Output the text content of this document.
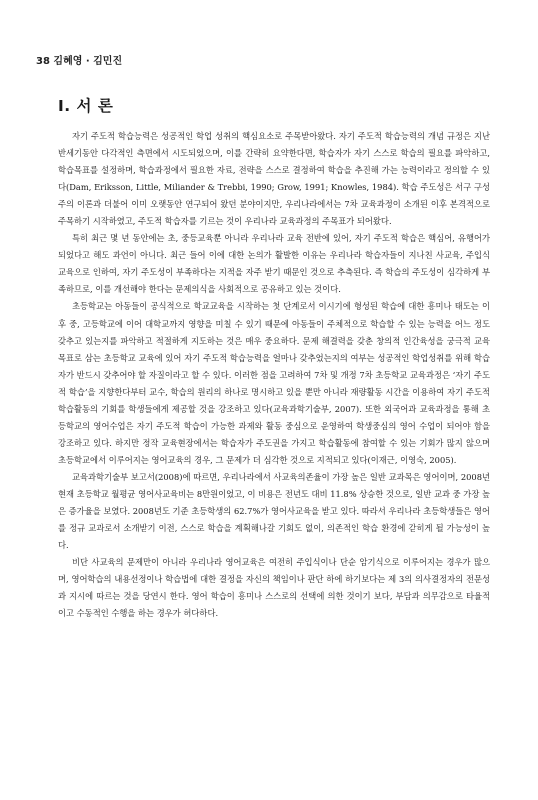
38 김혜영 · 김민진
I. 서 론

자기 주도적 학습능력은 성공적인 학업 성취의 핵심요소로 주목받아왔다. 자기 주도적 학습능력의 개념 규정은 지난 반세기동안 다각적인 측면에서 시도되었으며, 이를 간략히 요약한다면, 학습자가 자기 스스로 학습의 필요를 파악하고, 학습목표를 설정하며, 학습과정에서 필요한 자료, 전략을 스스로 결정하여 학습을 추진해 가는 능력이라고 정의할 수 있다(Dam, Eriksson, Little, Miliander & Trebbi, 1990; Grow, 1991; Knowles, 1984). 학습 주도성은 서구 구성주의 이론과 더불어 이미 오랫동안 연구되어 왔던 분야이지만, 우리나라에서는 7차 교육과정이 소개된 이후 본격적으로 주목하기 시작하였고, 주도적 학습자를 기르는 것이 우리나라 교육과정의 주목표가 되어왔다.

특히 최근 몇 년 동안에는 초, 중등교육뿐 아니라 우리나라 교육 전반에 있어, 자기 주도적 학습은 핵심어, 유행어가 되었다고 해도 과언이 아니다. 최근 들어 이에 대한 논의가 활발한 이유는 우리나라 학습자들이 지나친 사교육, 주입식 교육으로 인하여, 자기 주도성이 부족하다는 지적을 자주 받기 때문인 것으로 추측된다. 즉 학습의 주도성이 심각하게 부족하므로, 이를 개선해야 한다는 문제의식을 사회적으로 공유하고 있는 것이다.

초등학교는 아동들이 공식적으로 학교교육을 시작하는 첫 단계로서 이시기에 형성된 학습에 대한 흥미나 태도는 이후 중, 고등학교에 이어 대학교까지 영향을 미칠 수 있기 때문에 아동들이 주체적으로 학습할 수 있는 능력을 어느 정도 갖추고 있는지를 파악하고 적절하게 지도하는 것은 매우 중요하다. 문제 해결력을 갖춘 창의적 인간육성을 궁극적 교육목표로 삼는 초등학교 교육에 있어 자기 주도적 학습능력을 얼마나 갖추었는지의 여부는 성공적인 학업성취를 위해 학습자가 반드시 갖추어야 할 자질이라고 할 수 있다. 이러한 점을 고려하여 7차 및 개정 7차 초등학교 교육과정은 ‘자기 주도적 학습’을 지향한다부터 교수, 학습의 원리의 하나로 명시하고 있을 뿐만 아니라 재량활동 시간을 이용하여 자기 주도적 학습활동의 기회를 학생들에게 제공할 것을 강조하고 있다(교육과학기술부, 2007). 또한 외국어과 교육과정을 통해 초등학교의 영어수업은 자기 주도적 학습이 가능한 과제와 활동 중심으로 운영하여 학생중심의 영어 수업이 되어야 함을 강조하고 있다. 하지만 정작 교육현장에서는 학습자가 주도권을 가지고 학습활동에 참여할 수 있는 기회가 많지 않으며 초등학교에서 이루어지는 영어교육의 경우, 그 문제가 더 심각한 것으로 지적되고 있다(이재근, 이영숙, 2005).

교육과학기술부 보고서(2008)에 따르면, 우리나라에서 사교육의존율이 가장 높은 일반 교과목은 영어이며, 2008년 현재 초등학교 월평균 영어사교육비는 8만원이었고, 이 비용은 전년도 대비 11.8% 상승한 것으로, 일반 교과 중 가장 높은 증가율을 보였다. 2008년도 기준 초등학생의 62.7%가 영어사교육을 받고 있다. 따라서 우리나라 초등학생들은 영어를 정규 교과로서 소개받기 이전, 스스로 학습을 계획해나갈 기회도 없이, 의존적인 학습 환경에 갇히게 될 가능성이 높다.

비단 사교육의 문제만이 아니라 우리나라 영어교육은 여전히 주입식이나 단순 암기식으로 이루어지는 경우가 많으며, 영어학습의 내용선정이나 학습법에 대한 결정을 자신의 책임이나 판단 하에 하기보다는 제 3의 의사결정자의 전문성과 지시에 따르는 것을 당연시 한다. 영어 학습이 흥미나 스스로의 선택에 의한 것이기 보다, 부담과 의무감으로 타율적이고 수동적인 수행을 하는 경우가 허다하다.
